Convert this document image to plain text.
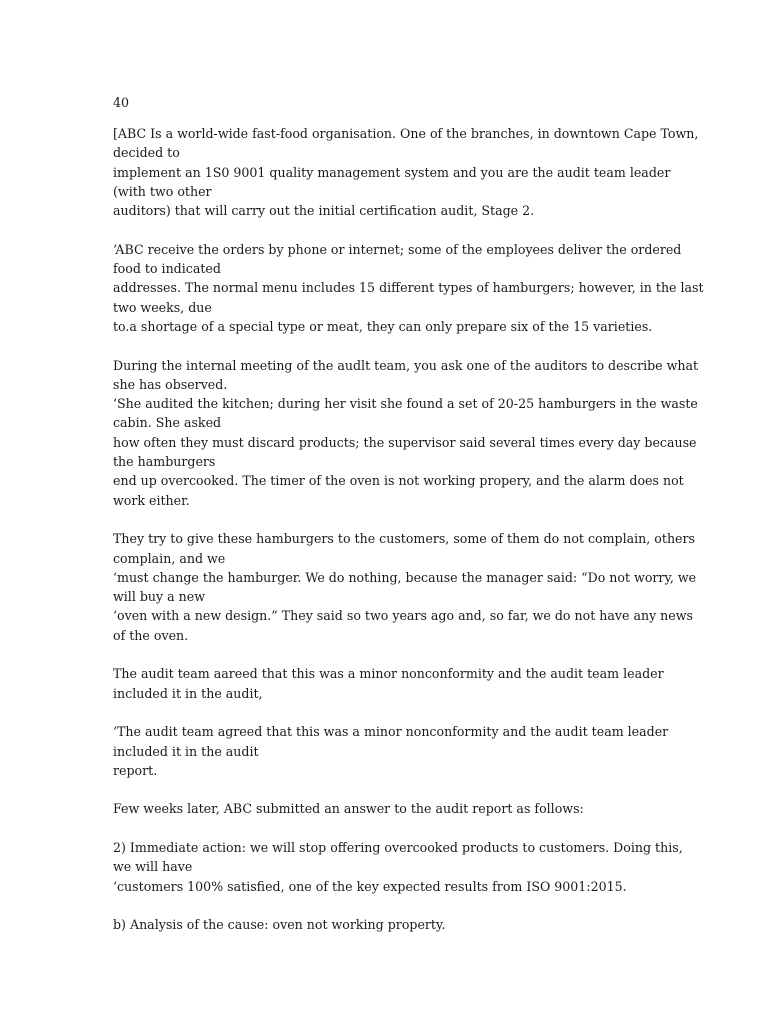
40
[ABC Is a world-wide fast-food organisation. One of the branches, in downtown Cape Town,
decided to
implement an 1S0 9001 quality management system and you are the audit team leader
(with two other
auditors) that will carry out the initial certification audit, Stage 2.
‘ABC receive the orders by phone or internet; some of the employees deliver the ordered
food to indicated
addresses. The normal menu includes 15 different types of hamburgers; however, in the last
two weeks, due
to.a shortage of a special type or meat, they can only prepare six of the 15 varieties.
During the internal meeting of the audlt team, you ask one of the auditors to describe what
she has observed.
‘She audited the kitchen; during her visit she found a set of 20-25 hamburgers in the waste
cabin. She asked
how often they must discard products; the supervisor said several times every day because
the hamburgers
end up overcooked. The timer of the oven is not working propery, and the alarm does not
work either.
They try to give these hamburgers to the customers, some of them do not complain, others
complain, and we
‘must change the hamburger. We do nothing, because the manager said: “Do not worry, we
will buy a new
‘oven with a new design.” They said so two years ago and, so far, we do not have any news
of the oven.
The audit team aareed that this was a minor nonconformity and the audit team leader
included it in the audit,
‘The audit team agreed that this was a minor nonconformity and the audit team leader
included it in the audit
report.
Few weeks later, ABC submitted an answer to the audit report as follows:
2) Immediate action: we will stop offering overcooked products to customers. Doing this,
we will have
‘customers 100% satisfied, one of the key expected results from ISO 9001:2015.
b) Analysis of the cause: oven not working property.
